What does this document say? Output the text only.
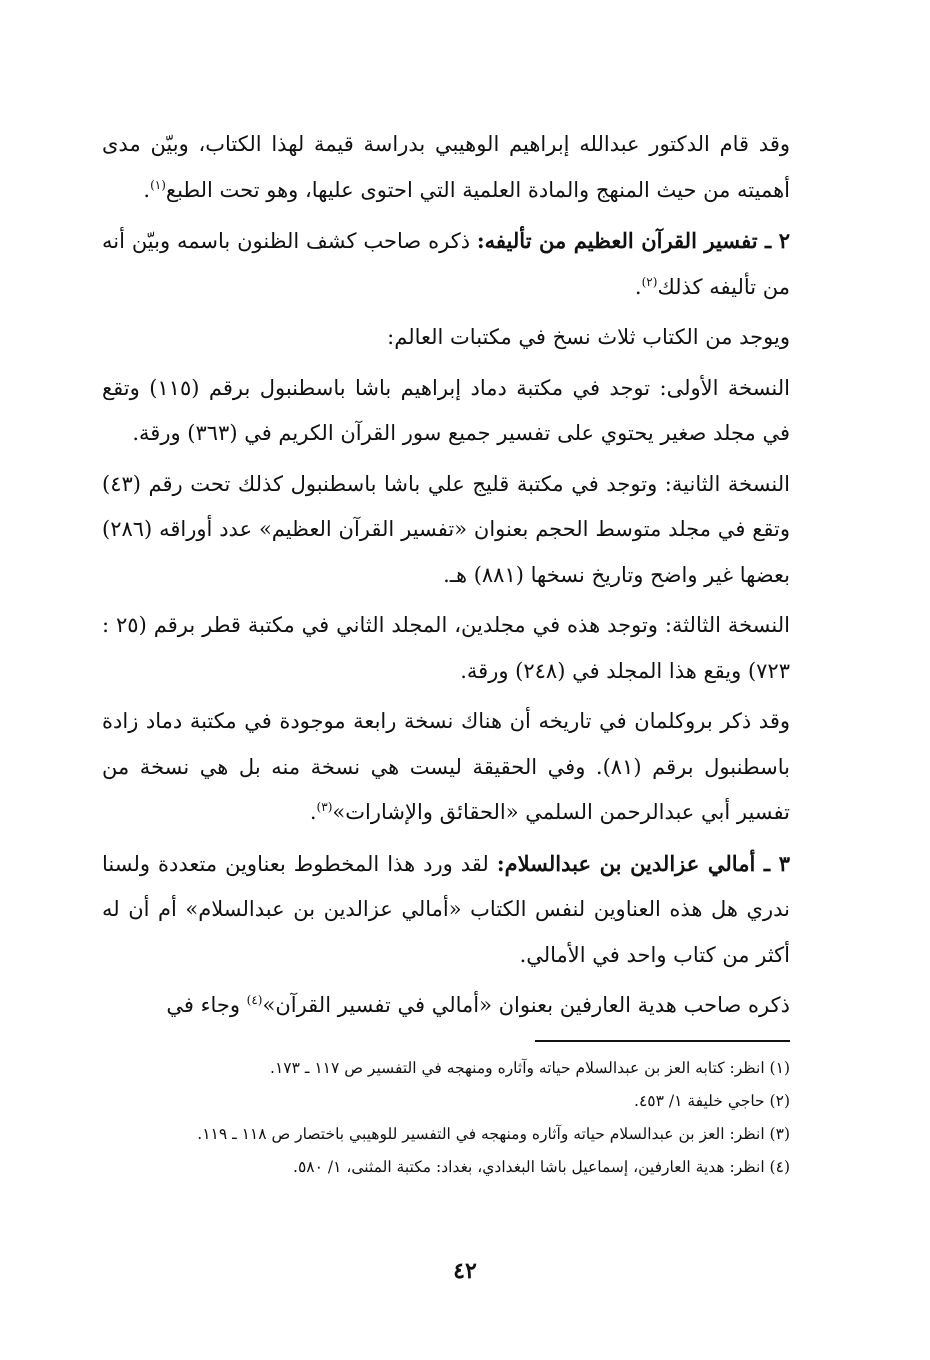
وقد قام الدكتور عبدالله إبراهيم الوهيبي بدراسة قيمة لهذا الكتاب، وبيّن مدى أهميته من حيث المنهج والمادة العلمية التي احتوى عليها، وهو تحت الطبع$^{(١)}$.

٢ ـ تفسير القرآن العظيم من تأليفه: ذكره صاحب كشف الظنون باسمه وبيّن أنه من تأليفه كذلك$^{(٢)}$.

ويوجد من الكتاب ثلاث نسخ في مكتبات العالم:

النسخة الأولى: توجد في مكتبة دماد إبراهيم باشا باسطنبول برقم (١١٥) وتقع في مجلد صغير يحتوي على تفسير جميع سور القرآن الكريم في (٣٦٣) ورقة.

النسخة الثانية: وتوجد في مكتبة قليج علي باشا باسطنبول كذلك تحت رقم (٤٣) وتقع في مجلد متوسط الحجم بعنوان «تفسير القرآن العظيم» عدد أوراقه (٢٨٦) بعضها غير واضح وتاريخ نسخها (٨٨١) هـ.

النسخة الثالثة: وتوجد هذه في مجلدين، المجلد الثاني في مكتبة قطر برقم (٢٥ : ٧٢٣) ويقع هذا المجلد في (٢٤٨) ورقة.

وقد ذكر بروكلمان في تاريخه أن هناك نسخة رابعة موجودة في مكتبة دماد زادة باسطنبول برقم (٨١). وفي الحقيقة ليست هي نسخة منه بل هي نسخة من تفسير أبي عبدالرحمن السلمي «الحقائق والإشارات»$^{(٣)}$.

٣ ـ أمالي عزالدين بن عبدالسلام: لقد ورد هذا المخطوط بعناوين متعددة ولسنا ندري هل هذه العناوين لنفس الكتاب «أمالي عزالدين بن عبدالسلام» أم أن له أكثر من كتاب واحد في الأمالي.

ذكره صاحب هدية العارفين بعنوان «أمالي في تفسير القرآن»$^{(٤)}$ وجاء في

(١) انظر: كتابه العز بن عبدالسلام حياته وآثاره ومنهجه في التفسير ص ١١٧ ـ ١٧٣.

(٢) حاجي خليفة ١/ ٤٥٣.

(٣) انظر: العز بن عبدالسلام حياته وآثاره ومنهجه في التفسير للوهيبي باختصار ص ١١٨ ـ ١١٩.

(٤) انظر: هدية العارفين، إسماعيل باشا البغدادي، بغداد: مكتبة المثنى، ١/ ٥٨٠.

٤٢
